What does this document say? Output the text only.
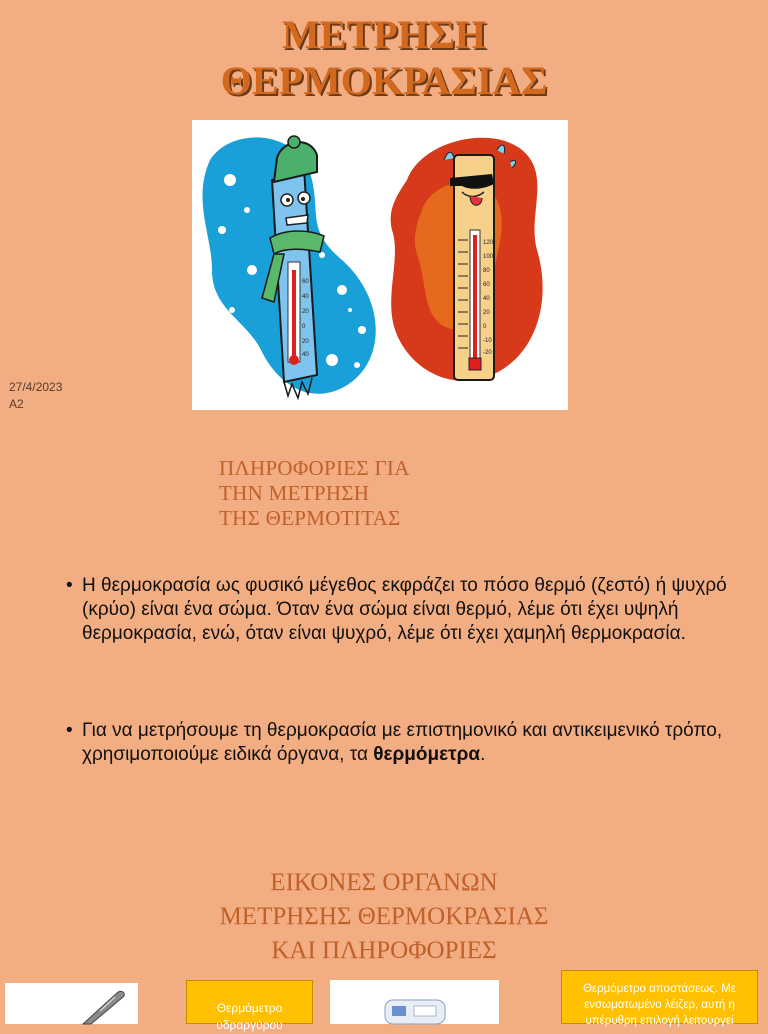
ΜΕΤΡΗΣΗ
ΘΕΡΜΟΚΡΑΣΙΑΣ
60
40
20
0
20
40
120
100
80
60
40
20
0
-10
-20
27/4/2023
A2
ΠΛΗΡΟΦΟΡΙΕΣ ΓΙΑ
ΤΗΝ ΜΕΤΡΗΣΗ
ΤΗΣ ΘΕΡΜΟΤΙΤΑΣ
• Η θερμοκρασία ως φυσικό μέγεθος εκφράζει το πόσο θερμό (ζεστό) ή ψυχρό (κρύο) είναι ένα σώμα. Όταν ένα σώμα είναι θερμό, λέμε ότι έχει υψηλή θερμοκρασία, ενώ, όταν είναι ψυχρό, λέμε ότι έχει χαμηλή θερμοκρασία.
• Για να μετρήσουμε τη θερμοκρασία με επιστημονικό και αντικειμενικό τρόπο, χρησιμοποιούμε ειδικά όργανα, τα θερμόμετρα.
ΕΙΚΟΝΕΣ ΟΡΓΑΝΩΝ
ΜΕΤΡΗΣΗΣ ΘΕΡΜΟΚΡΑΣΙΑΣ
ΚΑΙ ΠΛΗΡΟΦΟΡΙΕΣ
Θερμόμετρο
υδραργύρου
Θερμόμετρο αποστάσεως. Με ενσωματωμένο λέιζερ, αυτή η υπέρυθρη επιλογή λειτουργεί
